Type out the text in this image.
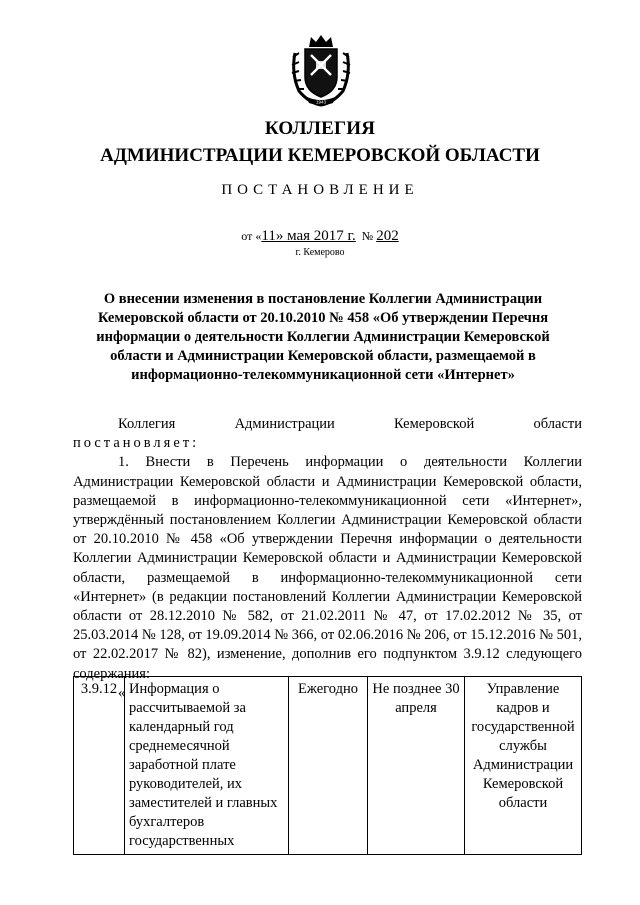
1943
КОЛЛЕГИЯ
АДМИНИСТРАЦИИ КЕМЕРОВСКОЙ ОБЛАСТИ
ПОСТАНОВЛЕНИЕ
от «11» мая 2017 г. № 202
г. Кемерово
О внесении изменения в постановление Коллегии Администрации
Кемеровской области от 20.10.2010 № 458 «Об утверждении Перечня
информации о деятельности Коллегии Администрации Кемеровской
области и Администрации Кемеровской области, размещаемой в
информационно-телекоммуникационной сети «Интернет»
Коллегия	Администрации	Кемеровской	области

постановляет:

1. Внести в Перечень информации о деятельности Коллегии Администрации Кемеровской области и Администрации Кемеровской области, размещаемой в информационно-телекоммуникационной сети «Интернет», утверждённый постановлением Коллегии Администрации Кемеровской области от 20.10.2010 № 458 «Об утверждении Перечня информации о деятельности Коллегии Администрации Кемеровской области и Администрации Кемеровской области, размещаемой в информационно-телекоммуникационной сети «Интернет» (в редакции постановлений Коллегии Администрации Кемеровской области от 28.12.2010 № 582, от 21.02.2011 № 47, от 17.02.2012 № 35, от 25.03.2014 № 128, от 19.09.2014 № 366, от 02.06.2016 № 206, от 15.12.2016 № 501, от 22.02.2017 № 82), изменение, дополнив его подпунктом 3.9.12 следующего содержания:

«
3.9.12	Информация о рассчитываемой за календарный год среднемесячной заработной плате руководителей, их заместителей и главных бухгалтеров государственных	Ежегодно	Не позднее 30 апреля	Управление кадров и государственной службы Администрации Кемеровской области
